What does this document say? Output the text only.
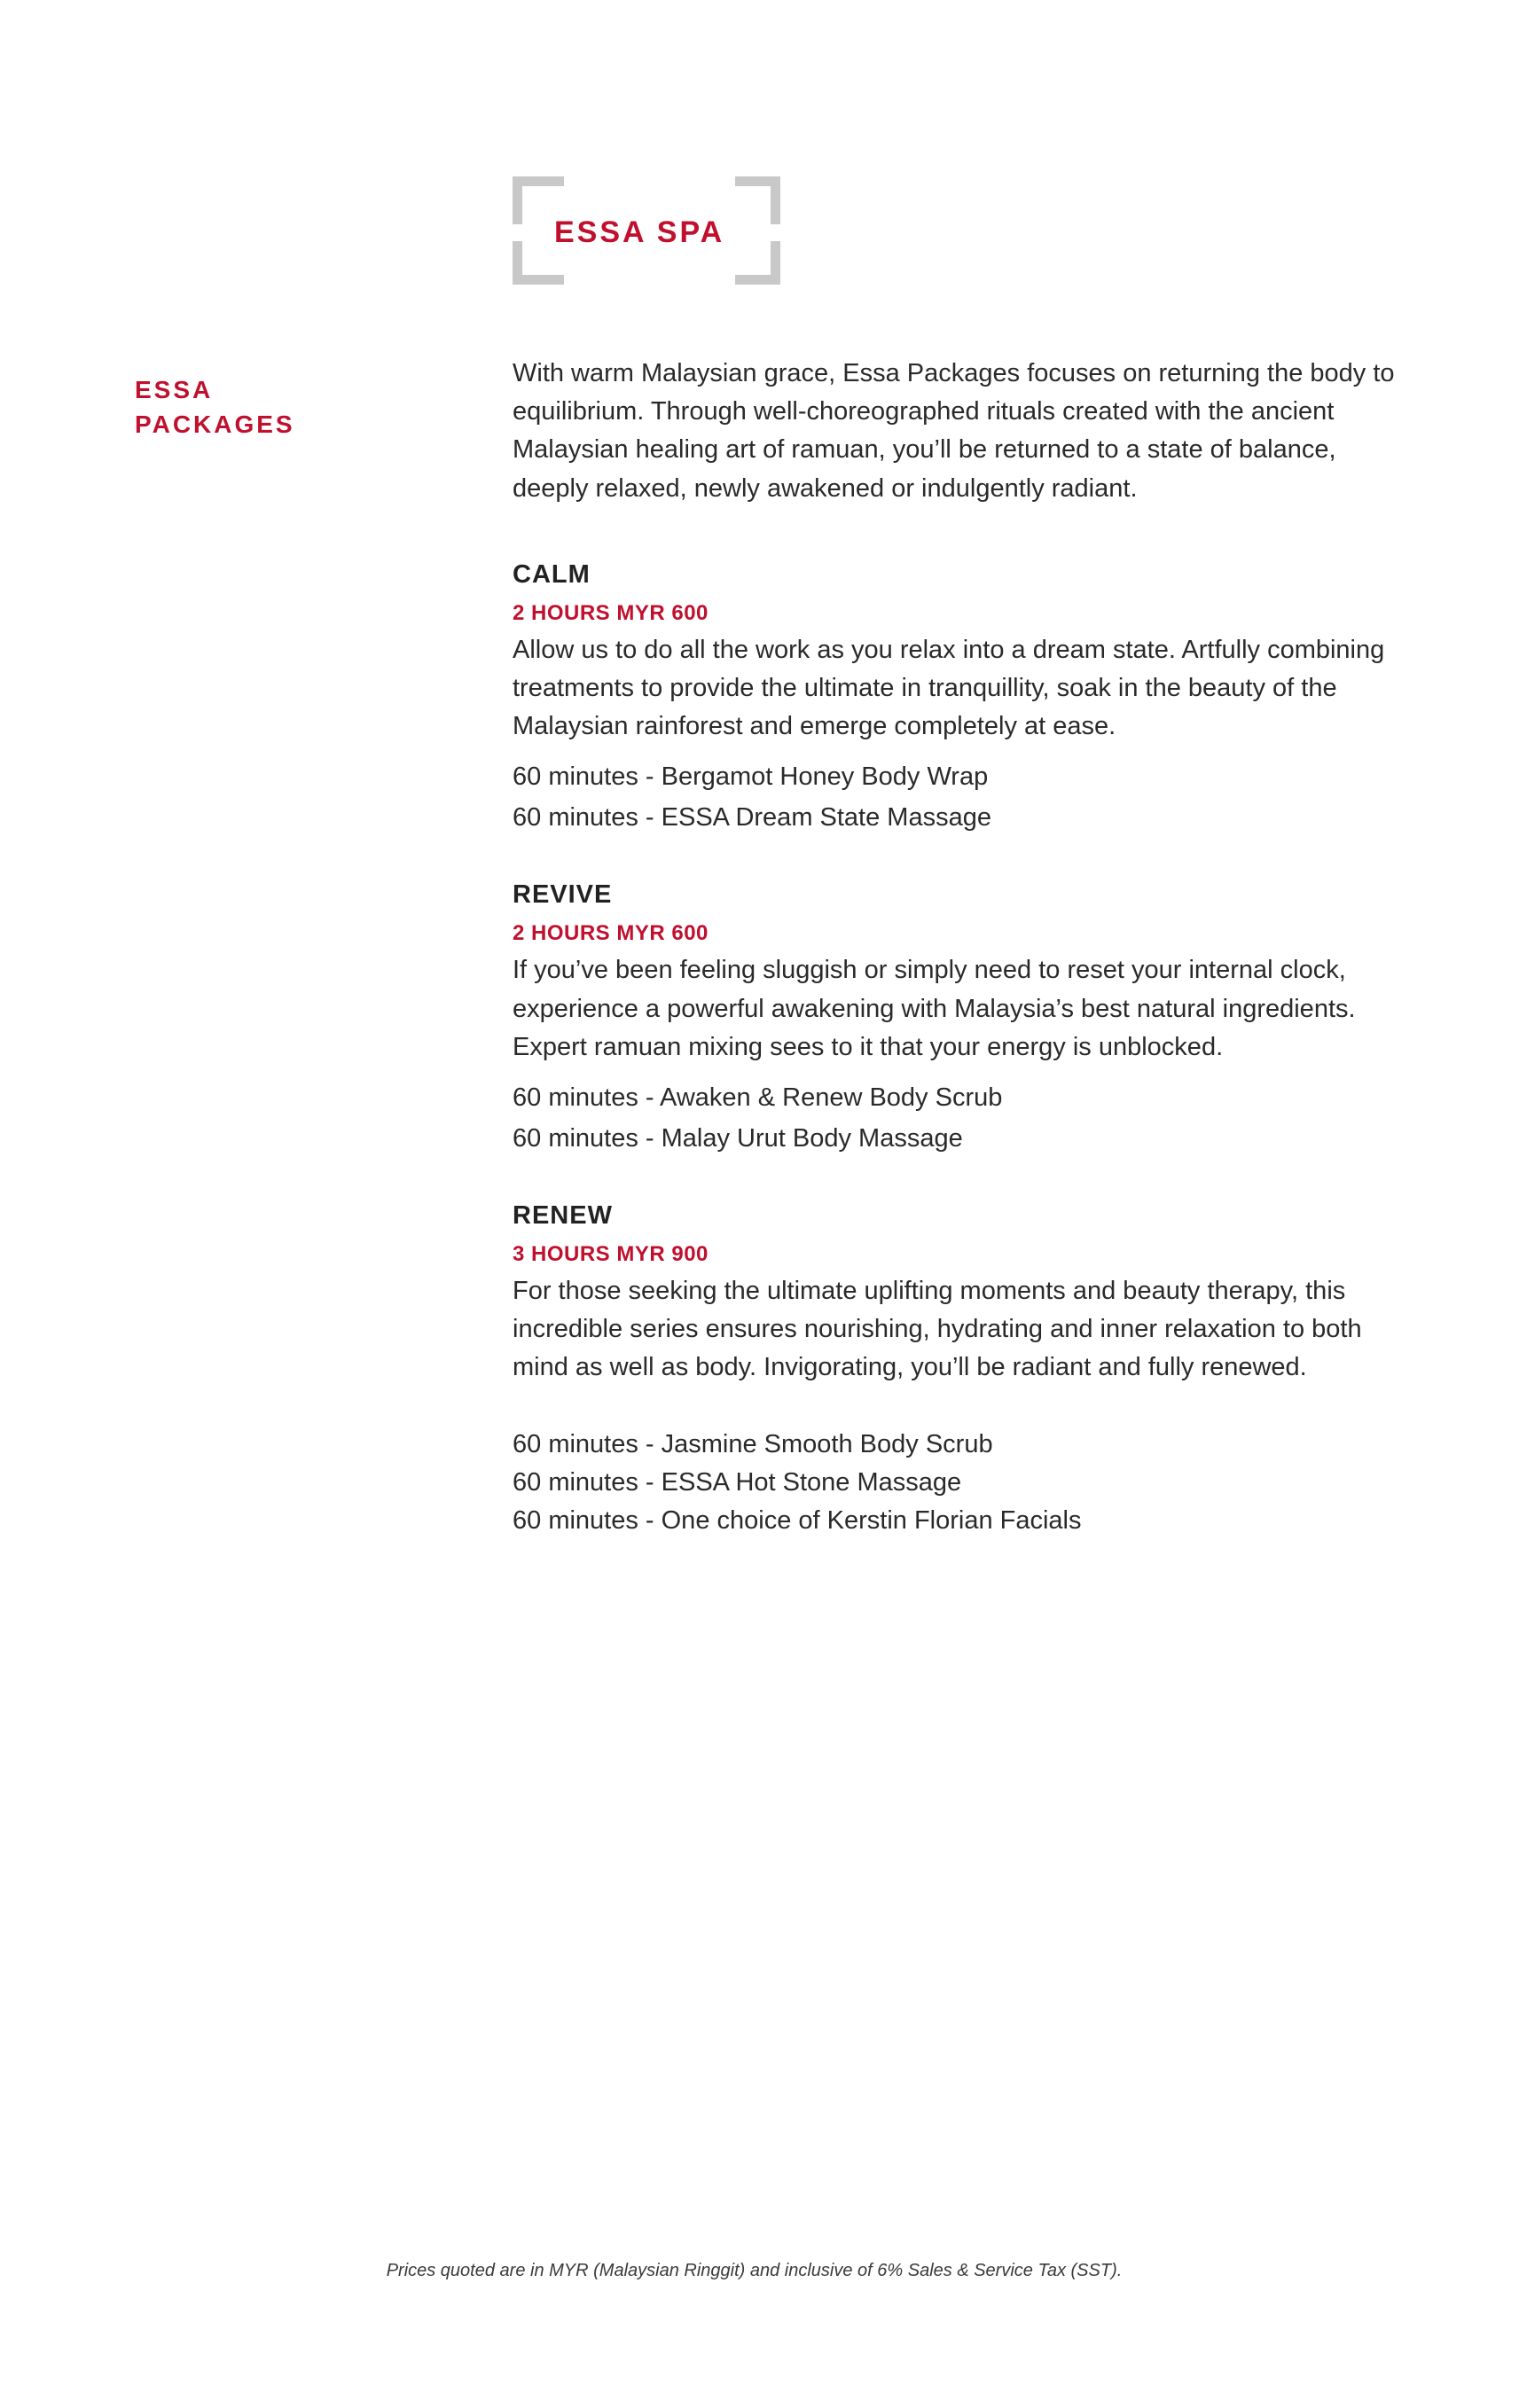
ESSA SPA
ESSA
PACKAGES

With warm Malaysian grace, Essa Packages focuses on returning the body to equilibrium. Through well-choreographed rituals created with the ancient Malaysian healing art of ramuan, you’ll be returned to a state of balance, deeply relaxed, newly awakened or indulgently radiant.

CALM
2 HOURS MYR 600

Allow us to do all the work as you relax into a dream state. Artfully combining treatments to provide the ultimate in tranquillity, soak in the beauty of the Malaysian rainforest and emerge completely at ease.

60 minutes - Bergamot Honey Body Wrap
60 minutes - ESSA Dream State Massage
REVIVE
2 HOURS MYR 600

If you’ve been feeling sluggish or simply need to reset your internal clock, experience a powerful awakening with Malaysia’s best natural ingredients. Expert ramuan mixing sees to it that your energy is unblocked.

60 minutes - Awaken & Renew Body Scrub
60 minutes - Malay Urut Body Massage
RENEW
3 HOURS MYR 900

For those seeking the ultimate uplifting moments and beauty therapy, this incredible series ensures nourishing, hydrating and inner relaxation to both mind as well as body. Invigorating, you’ll be radiant and fully renewed.

60 minutes - Jasmine Smooth Body Scrub
60 minutes - ESSA Hot Stone Massage
60 minutes - One choice of Kerstin Florian Facials
Prices quoted are in MYR (Malaysian Ringgit) and inclusive of 6% Sales & Service Tax (SST).
